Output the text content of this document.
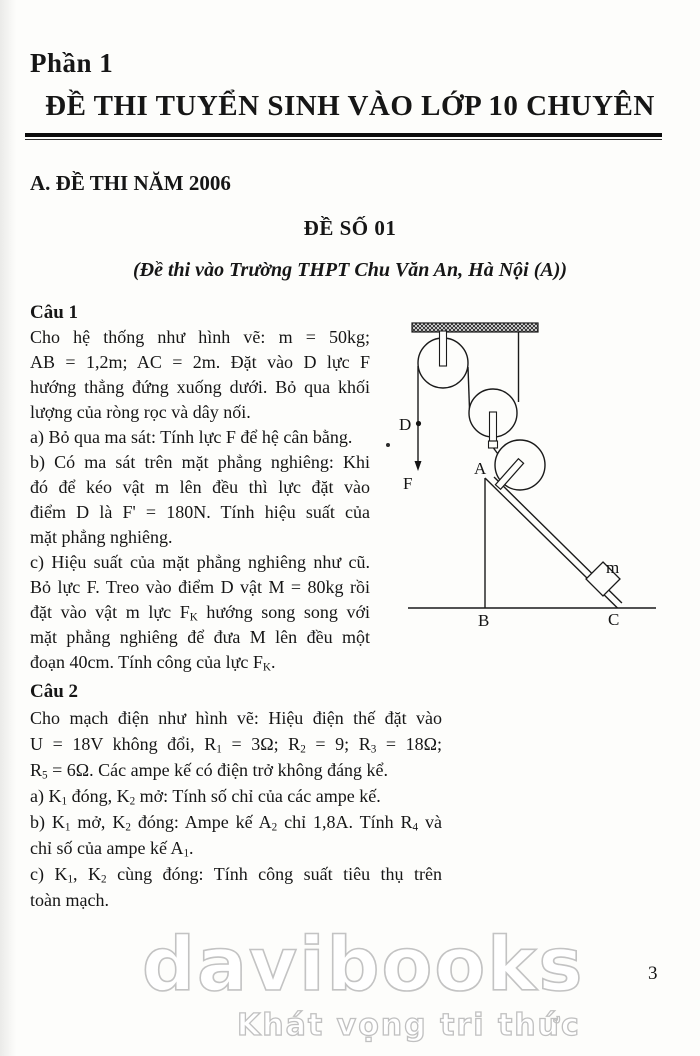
Phần 1
ĐỀ THI TUYỂN SINH VÀO LỚP 10 CHUYÊN
A. ĐỀ THI NĂM 2006
ĐỀ SỐ 01
(Đề thi vào Trường THPT Chu Văn An, Hà Nội (A))
Câu 1
Cho hệ thống như hình vẽ: m = 50kg;
AB = 1,2m; AC = 2m. Đặt vào D lực F
hướng thẳng đứng xuống dưới. Bỏ qua khối
lượng của ròng rọc và dây nối.
a) Bỏ qua ma sát: Tính lực F để hệ cân bằng.
b) Có ma sát trên mặt phẳng nghiêng: Khi
đó để kéo vật m lên đều thì lực đặt vào
điểm D là F' = 180N. Tính hiệu suất của
mặt phẳng nghiêng.
c) Hiệu suất của mặt phẳng nghiêng như cũ.
Bỏ lực F. Treo vào điểm D vật M = 80kg rồi
đặt vào vật m lực $F_K$ hướng song song với
mặt phẳng nghiêng để đưa M lên đều một
đoạn 40cm. Tính công của lực $F_K$.
D
F
A
B	C
m
Câu 2
Cho mạch điện như hình vẽ: Hiệu điện thế đặt vào
U = 18V không đổi, $R_1 = 3\Omega$; $R_2 = 9$; $R_3 = 18\Omega$;
$R_5 = 6\Omega$. Các ampe kế có điện trở không đáng kể.
a) $K_1$ đóng, $K_2$ mở: Tính số chỉ của các ampe kế.
b) $K_1$ mở, $K_2$ đóng: Ampe kế $A_2$ chỉ 1,8A. Tính $R_4$ và
chỉ số của ampe kế $A_1$.
c) $K_1$, $K_2$ cùng đóng: Tính công suất tiêu thụ trên
toàn mạch.
davibooks
Khát vọng tri thức
3
